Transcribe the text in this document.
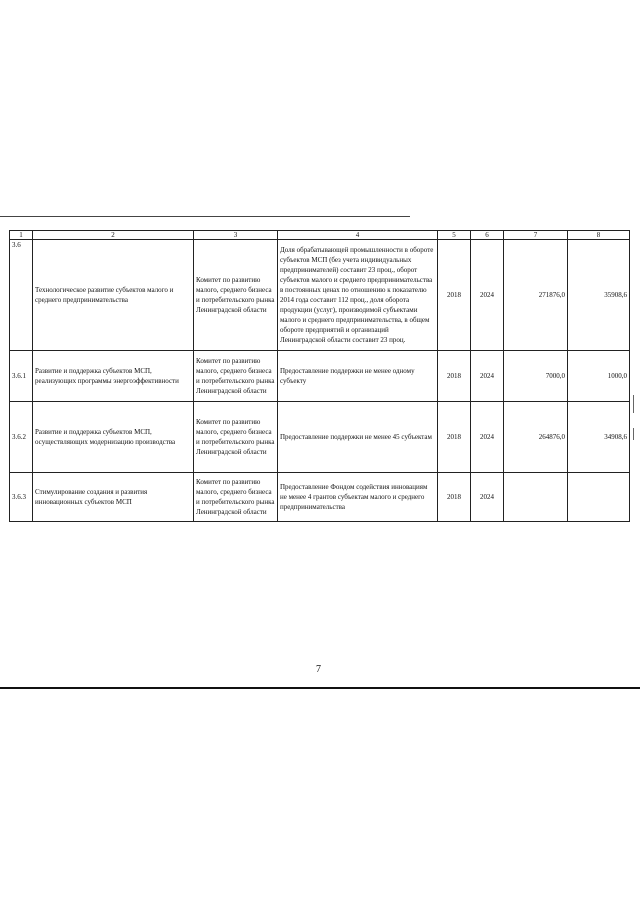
1	2	3	4	5	6	7	8
3.6	Технологическое развитие субъектов малого и среднего предпринимательства	Комитет по развитию малого, среднего бизнеса и потребительского рынка Ленинградской области	Доля обрабатывающей промышленности в обороте субъектов МСП (без учета индивидуальных предпринимателей) составит 23 проц., оборот субъектов малого и среднего предпринимательства в постоянных ценах по отношению к показателю 2014 года составит 112 проц., доля оборота продукции (услуг), производимой субъектами малого и среднего предпринимательства, в общем обороте предприятий и организаций Ленинградской области составит 23 проц.	2018	2024	271876,0	35908,6
3.6.1	Развитие и поддержка субъектов МСП, реализующих программы энергоэффективности	Комитет по развитию малого, среднего бизнеса и потребительского рынка Ленинградской области	Предоставление поддержки не менее одному субъекту	2018	2024	7000,0	1000,0
3.6.2	Развитие и поддержка субъектов МСП, осуществляющих модернизацию производства	Комитет по развитию малого, среднего бизнеса и потребительского рынка Ленинградской области	Предоставление поддержки не менее 45 субъектам	2018	2024	264876,0	34908,6
3.6.3	Стимулирование создания и развития инновационных субъектов МСП	Комитет по развитию малого, среднего бизнеса и потребительского рынка Ленинградской области	Предоставление Фондом содействия инновациям не менее 4 грантов субъектам малого и среднего предпринимательства	2018	2024		
7
